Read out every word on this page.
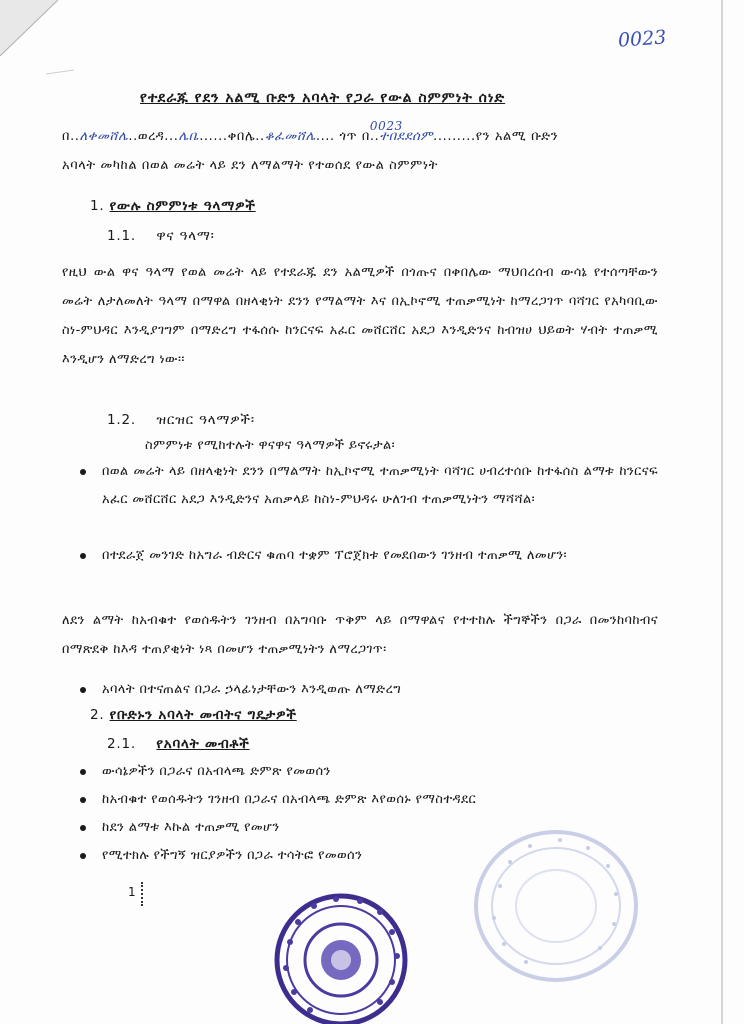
0023
የተደራጁ የደን አልሚ ቡድን አባላት የጋራ የውል ስምምነት ሰነድ
በ..ለቀመሸሌ..ወረዳ...ሌቤ......ቀበሌ..ቆፈመሸሌ.... ጎጥ በ
0023
..ተበደደሰም.........የን አልሚ ቡድን
አባላት መካከል በወል መሬት ላይ ደን ለማልማት የተወሰደ የውል ስምምነት
1. የውሉ ስምምነቱ ዓላማዎች
1.1. ዋና ዓላማ፡
የዚህ ውል ዋና ዓላማ የወል መሬት ላይ የተደራጁ ደን አልሚዎች በጎጡና በቀበሌው ማህበረሰብ ውሳኔ የተሰጣቸውን መሬት ለታለመለት ዓላማ በማዋል በዘላቂነት ደንን የማልማት እና በኢኮኖሚ ተጠቃሚነት ከማረጋገጥ ባሻገር የአካባቢው ስነ-ምህዳር እንዲያገግም በማድረግ ተፋሰሱ ከንርናፍ አፈር መሸርሸር አደጋ እንዲድንና ከብዝሀ ህይወት ሃብት ተጠቃሚ እንዲሆን ለማድረግ ነው፡፡
1.2. ዝርዝር ዓላማዎች፡
ስምምነቱ የሚከተሉት ዋናዋና ዓላማዎች ይኖሩታል፡
በወል መሬት ላይ በዘላቂነት ደንን በማልማት ከኢኮኖሚ ተጠቃሚነት ባሻገር ሀብረተሰቡ ከተፋሰስ ልማቱ ከንርናፍ አፈር መሸርሸር አደጋ እንዲድንና አጠቃላይ ከስነ-ምህዳሩ ሁለገብ ተጠቃሚነትን ማሻሻል፡
በተደራጀ መንገድ ከአግራ ብድርና ቁጠባ ተቋም ፕሮጀክቱ የመደበውን ገንዘብ ተጠቃሚ ለመሆን፡
ለደን ልማት ከአብቁተ የወሰዱትን ገንዘብ በአግባቡ ጥቅም ላይ በማዋልና የተተከሉ ችግኞችን በጋራ በመንከባከብና በማጽደቅ ከእዳ ተጠያቂነት ነጻ በመሆን ተጠቃሚነትን ለማረጋገጥ፡
አባላት በተናጠልና በጋራ ኃላፊነታቸውን እንዲወጡ ለማድረግ
2. የቡድኑን አባላት መብትና ግዴታዎች
2.1. የአባላት መብቶች
ውሳኔዎችን በጋራና በአብላጫ ድምጽ የመወሰን
ከአብቁተ የወሰዱትን ገንዘብ በጋራና በአብላጫ ድምጽ እየወሰኑ የማስተዳደር
ከደን ልማቱ እኩል ተጠቃሚ የመሆን
የሚተክሉ የችግኝ ዝርያዎችን በጋራ ተሳትፎ የመወሰን
1
